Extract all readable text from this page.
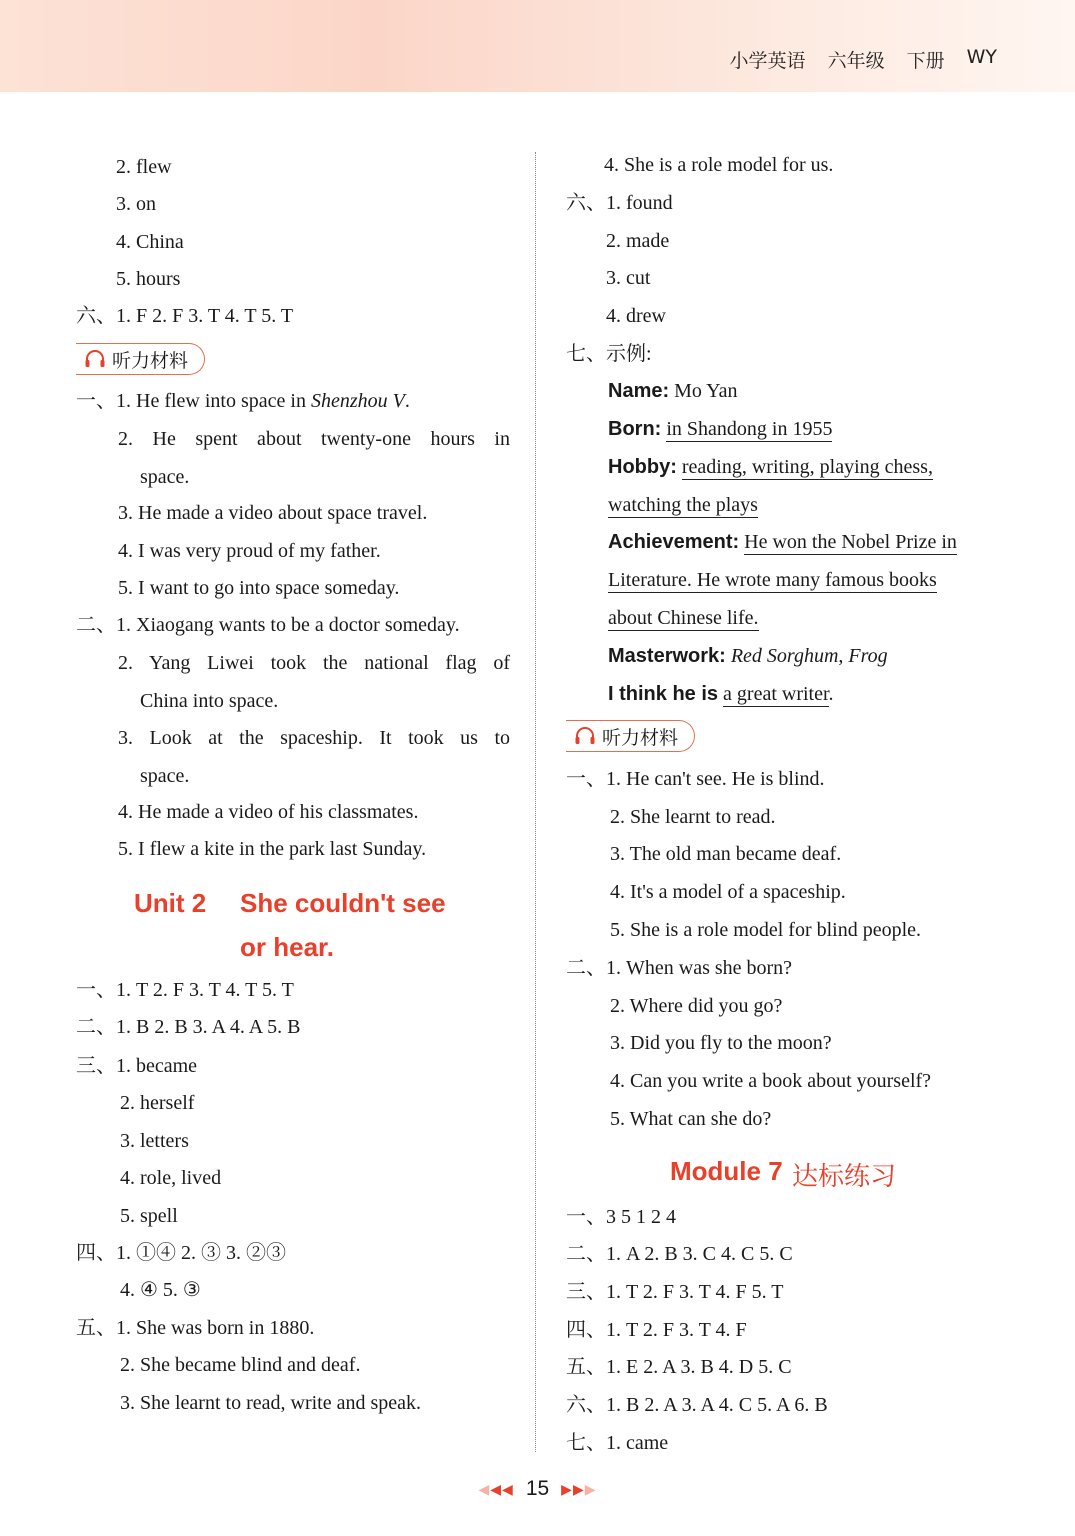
小学英语 六年级 下册 WY
2. flew
3. on
4. China
5. hours
六、1. F 2. F 3. T 4. T 5. T
听力材料
一、1. He flew into space in Shenzhou V.
2. He spent about twenty-one hours in
space.
3. He made a video about space travel.
4. I was very proud of my father.
5. I want to go into space someday.
二、1. Xiaogang wants to be a doctor someday.
2. Yang Liwei took the national flag of
China into space.
3. Look at the spaceship. It took us to
space.
4. He made a video of his classmates.
5. I flew a kite in the park last Sunday.
Unit 2 She couldn't see
or hear.
一、1. T 2. F 3. T 4. T 5. T
二、1. B 2. B 3. A 4. A 5. B
三、1. became
2. herself
3. letters
4. role, lived
5. spell
四、1. ①④ 2. ③ 3. ②③
4. ④ 5. ③
五、1. She was born in 1880.
2. She became blind and deaf.
3. She learnt to read, write and speak.
4. She is a role model for us.
六、1. found
2. made
3. cut
4. drew
七、示例:
Name: Mo Yan
Born: in Shandong in 1955
Hobby: reading, writing, playing chess,
watching the plays
Achievement: He won the Nobel Prize in
Literature. He wrote many famous books
about Chinese life.
Masterwork: Red Sorghum, Frog
I think he is a great writer.
听力材料
一、1. He can't see. He is blind.
2. She learnt to read.
3. The old man became deaf.
4. It's a model of a spaceship.
5. She is a role model for blind people.
二、1. When was she born?
2. Where did you go?
3. Did you fly to the moon?
4. Can you write a book about yourself?
5. What can she do?
Module 7 达标练习
一、3 5 1 2 4
二、1. A 2. B 3. C 4. C 5. C
三、1. T 2. F 3. T 4. F 5. T
四、1. T 2. F 3. T 4. F
五、1. E 2. A 3. B 4. D 5. C
六、1. B 2. A 3. A 4. C 5. A 6. B
七、1. came
◀◀◀ 15 ▶▶▶
